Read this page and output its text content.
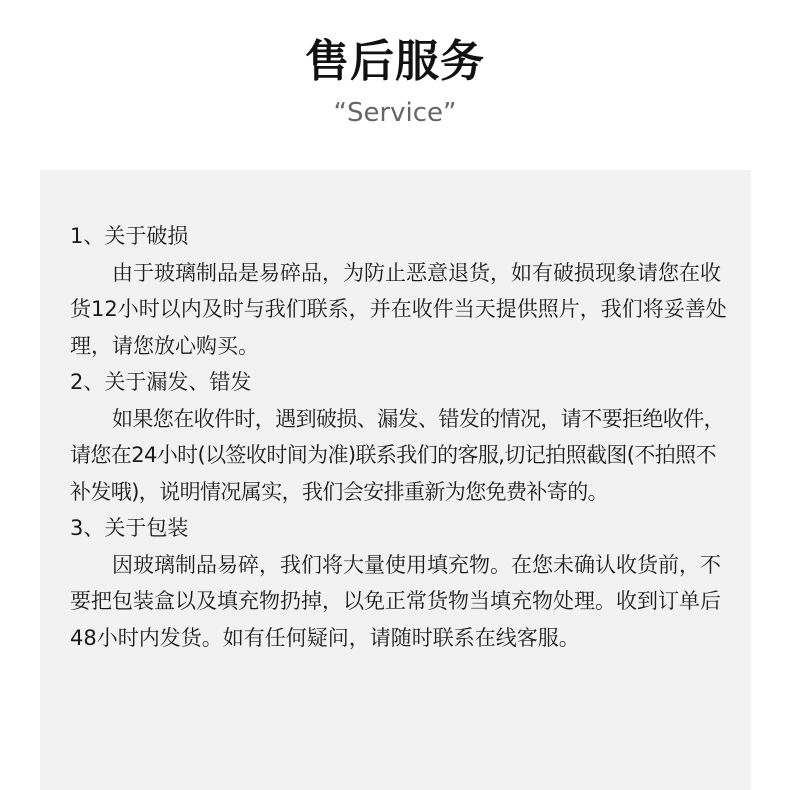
售后服务
“Service”

1、关于破损

由于玻璃制品是易碎品，为防止恶意退货，如有破损现象请您在收货12小时以内及时与我们联系，并在收件当天提供照片，我们将妥善处理，请您放心购买。

2、关于漏发、错发

如果您在收件时，遇到破损、漏发、错发的情况，请不要拒绝收件，请您在24小时(以签收时间为准)联系我们的客服,切记拍照截图(不拍照不补发哦)，说明情况属实，我们会安排重新为您免费补寄的。

3、关于包装

因玻璃制品易碎，我们将大量使用填充物。在您未确认收货前，不要把包装盒以及填充物扔掉，以免正常货物当填充物处理。收到订单后48小时内发货。如有任何疑问，请随时联系在线客服。
